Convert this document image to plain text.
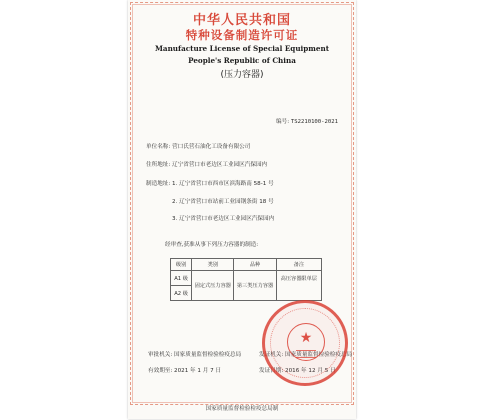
中华人民共和国
特种设备制造许可证
Manufacture License of Special Equipment
People's Republic of China
(压力容器)
编号: TS2210100-2021
单位名称: 营口氏营石油化工设备有限公司
住所地址: 辽宁省营口市老边区工业园区汽保园内
制造地址: 1. 辽宁省营口市西市区滨海路南 58-1 号
2. 辽宁省营口市站前工业园钢条街 18 号
3. 辽宁省营口市老边区工业园区汽保园内
经审查,获准从事下列压力容器的制造:
级别	类别	品种	备注
A1 级	固定式压力容器	第三类压力容器	高压容器限单层
A2 级			
审批机关: 国家质量监督检验检疫总局
有效期至: 2021 年 1 月 7 日
发证机关: 国家质量监督检验检疫总局
发证日期: 2016 年 12 月 5 日
★
国家质量监督检验检疫总局制
